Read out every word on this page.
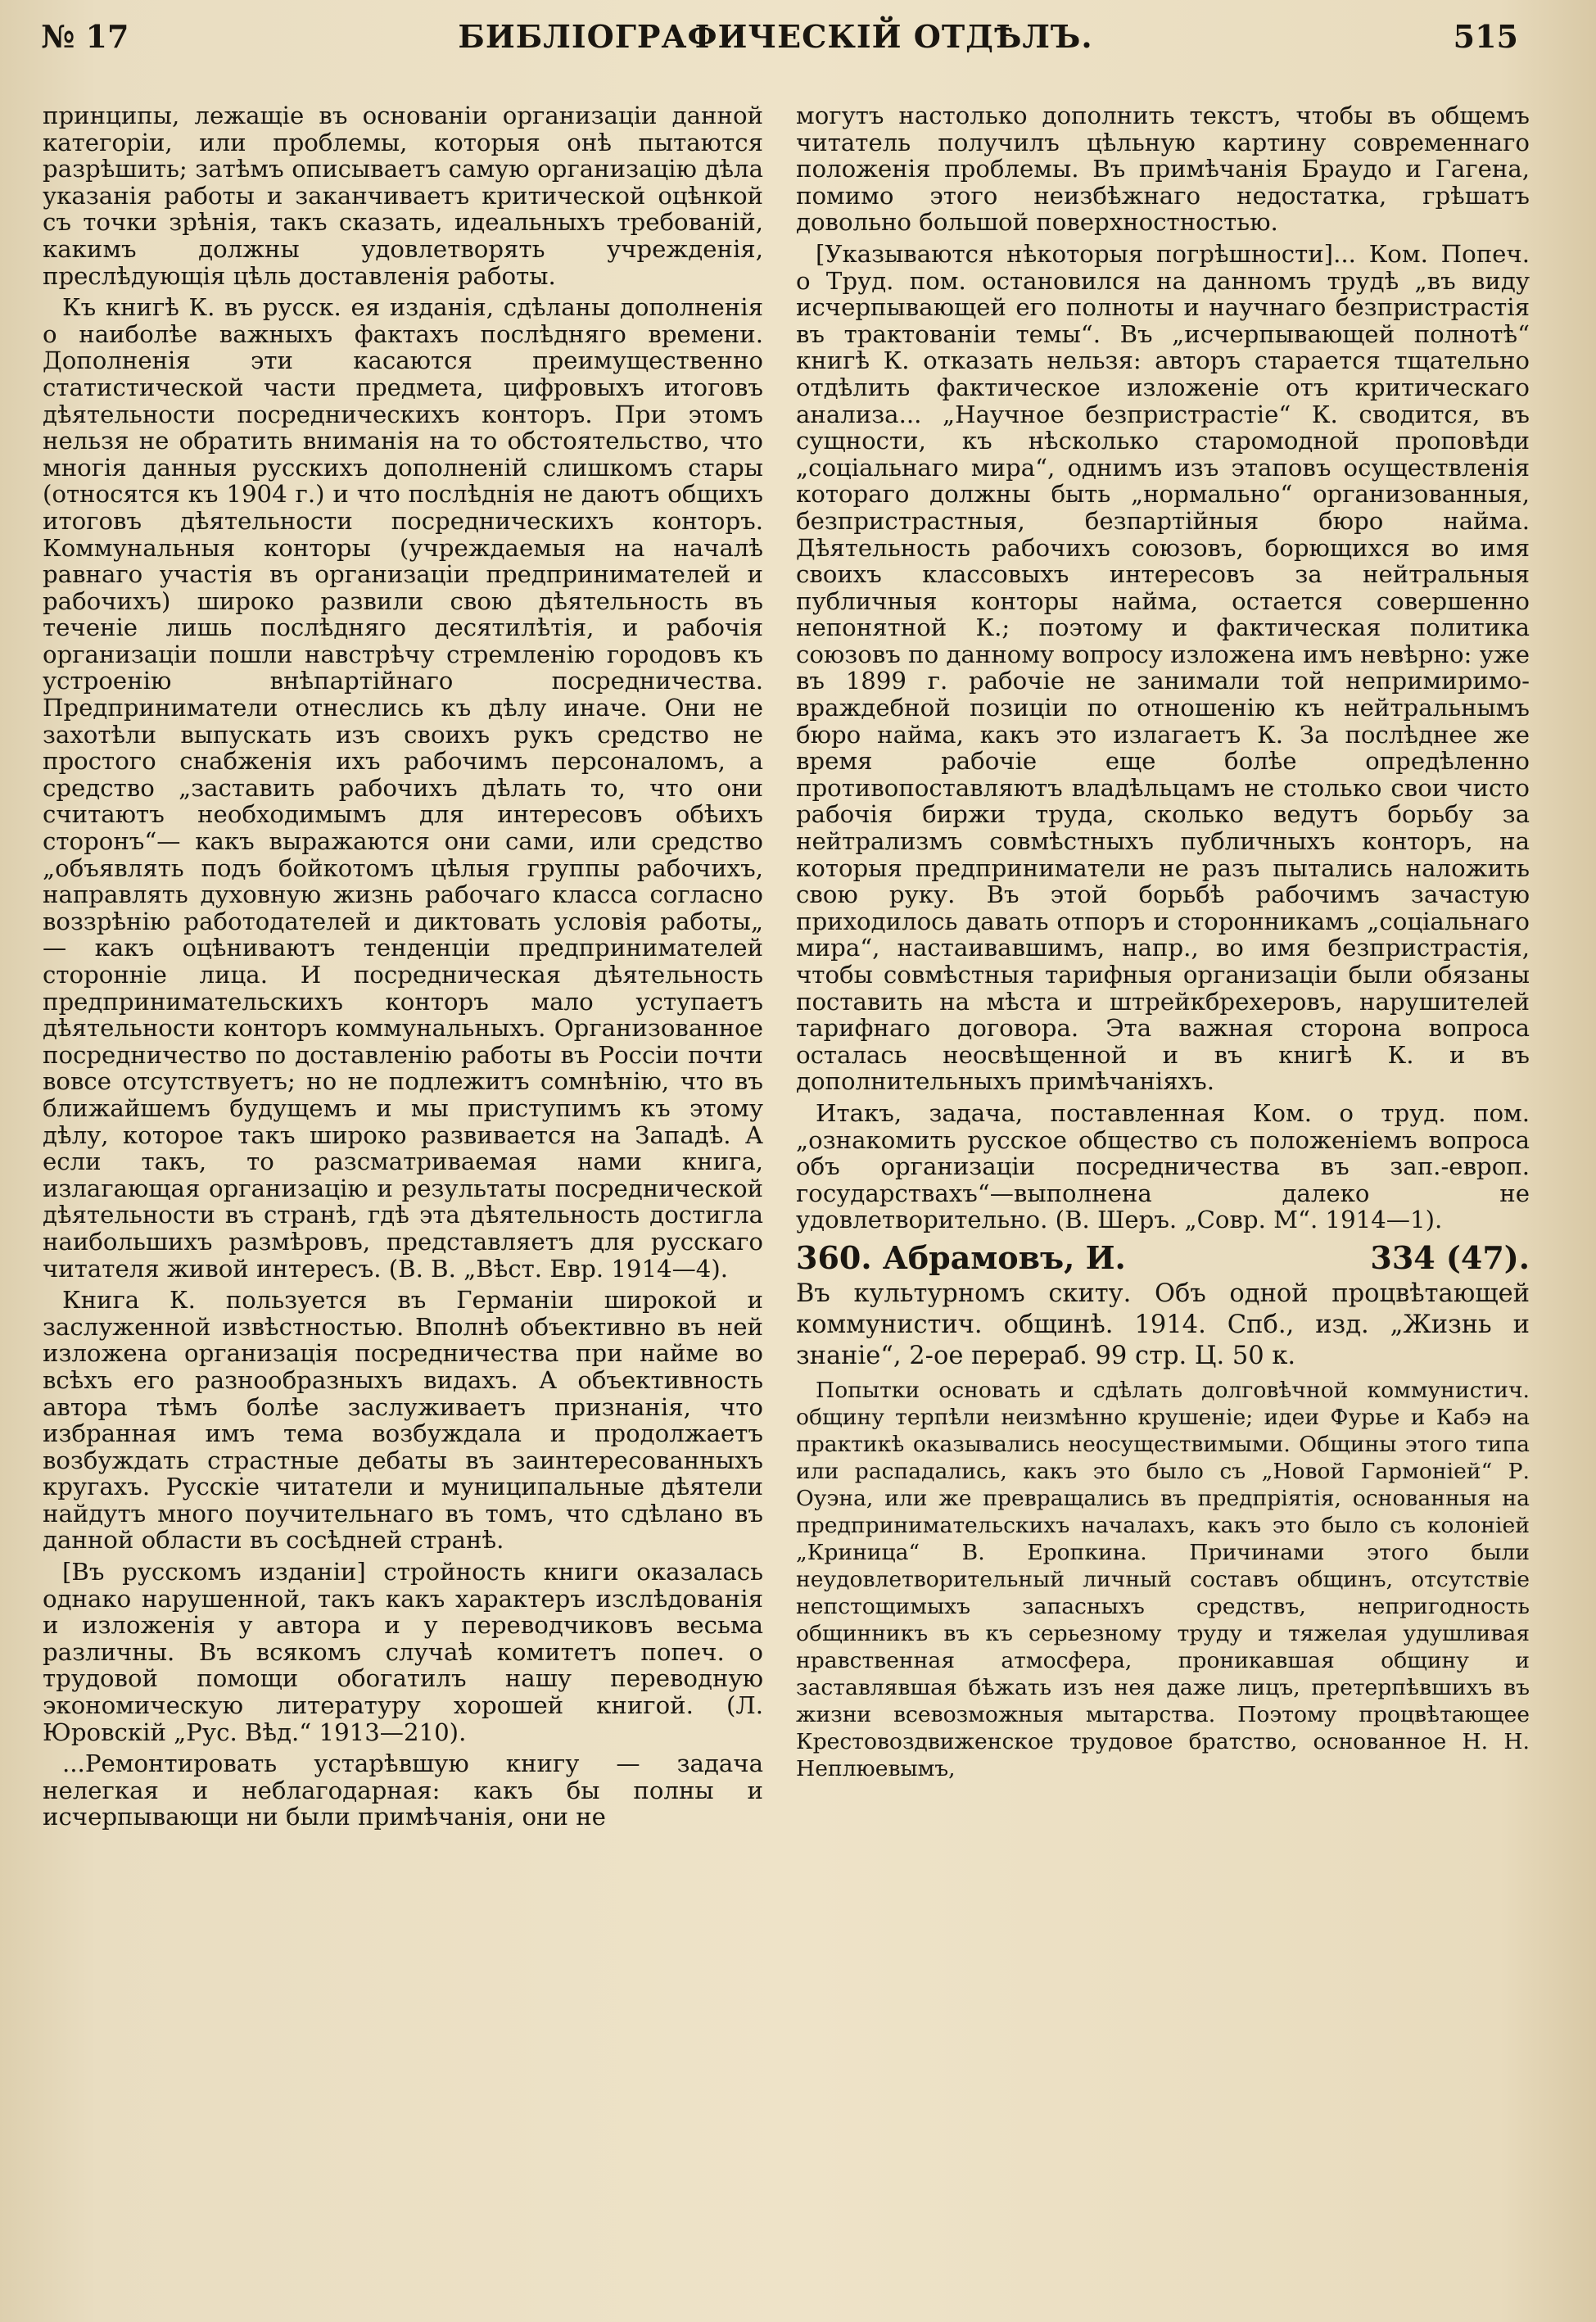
№ 17	БИБЛІОГРАФИЧЕСКІЙ ОТДѢЛЪ.	515

принципы, лежащіе въ основаніи организаціи данной категоріи, или проблемы, которыя онѣ пытаются разрѣшить; затѣмъ описываетъ самую организацію дѣла указанія работы и заканчиваетъ критической оцѣнкой съ точки зрѣнія, такъ сказать, идеальныхъ требованій, какимъ должны удовлетворять учрежденія, преслѣдующія цѣль доставленія работы.

Къ книгѣ К. въ русск. ея изданія, сдѣланы дополненія о наиболѣе важныхъ фактахъ послѣдняго времени. Дополненія эти касаются преимущественно статистической части предмета, цифровыхъ итоговъ дѣятельности посредническихъ конторъ. При этомъ нельзя не обратить вниманія на то обстоятельство, что многія данныя русскихъ дополненій слишкомъ стары (относятся къ 1904 г.) и что послѣднія не даютъ общихъ итоговъ дѣятельности посредническихъ конторъ. Коммунальныя конторы (учреждаемыя на началѣ равнаго участія въ организаціи предпринимателей и рабочихъ) широко развили свою дѣятельность въ теченіе лишь послѣдняго десятилѣтія, и рабочія организаціи пошли навстрѣчу стремленію городовъ къ устроенію внѣпартійнаго посредничества. Предприниматели отнеслись къ дѣлу иначе. Они не захотѣли выпускать изъ своихъ рукъ средство не простого снабженія ихъ рабочимъ персоналомъ, а средство „заставить рабочихъ дѣлать то, что они считаютъ необходимымъ для интересовъ обѣихъ сторонъ“— какъ выражаются они сами, или средство „объявлять подъ бойкотомъ цѣлыя группы рабочихъ, направлять духовную жизнь рабочаго класса согласно воззрѣнію работодателей и диктовать условія работы„ — какъ оцѣниваютъ тенденціи предпринимателей сторонніе лица. И посредническая дѣятельность предпринимательскихъ конторъ мало уступаетъ дѣятельности конторъ коммунальныхъ. Организованное посредничество по доставленію работы въ Россіи почти вовсе отсутствуетъ; но не подлежитъ сомнѣнію, что въ ближайшемъ будущемъ и мы приступимъ къ этому дѣлу, которое такъ широко развивается на Западѣ. А если такъ, то разсматриваемая нами книга, излагающая организацію и результаты посреднической дѣятельности въ странѣ, гдѣ эта дѣятельность достигла наибольшихъ размѣровъ, представляетъ для русскаго читателя живой интересъ. (В. В. „Вѣст. Евр. 1914—4).

Книга К. пользуется въ Германіи широкой и заслуженной извѣстностью. Вполнѣ объективно въ ней изложена организація посредничества при найме во всѣхъ его разнообразныхъ видахъ. А объективность автора тѣмъ болѣе заслуживаетъ признанія, что избранная имъ тема возбуждала и продолжаетъ возбуждать страстные дебаты въ заинтересованныхъ кругахъ. Русскіе читатели и муниципальные дѣятели найдутъ много поучительнаго въ томъ, что сдѣлано въ данной области въ сосѣдней странѣ.

[Въ русскомъ изданіи] стройность книги оказалась однако нарушенной, такъ какъ характеръ изслѣдованія и изложенія у автора и у переводчиковъ весьма различны. Въ всякомъ случаѣ комитетъ попеч. о трудовой помощи обогатилъ нашу переводную экономическую литературу хорошей книгой. (Л. Юровскій „Рус. Вѣд.“ 1913—210).

...Ремонтировать устарѣвшую книгу — задача нелегкая и неблагодарная: какъ бы полны и исчерпывающи ни были примѣчанія, они не

могутъ настолько дополнить текстъ, чтобы въ общемъ читатель получилъ цѣльную картину современнаго положенія проблемы. Въ примѣчанія Браудо и Гагена, помимо этого неизбѣжнаго недостатка, грѣшатъ довольно большой поверхностностью.

[Указываются нѣкоторыя погрѣшности]... Ком. Попеч. о Труд. пом. остановился на данномъ трудѣ „въ виду исчерпывающей его полноты и научнаго безпристрастія въ трактованіи темы“. Въ „исчерпывающей полнотѣ“ книгѣ К. отказать нельзя: авторъ старается тщательно отдѣлить фактическое изложеніе отъ критическаго анализа... „Научное безпристрастіе“ К. сводится, въ сущности, къ нѣсколько старомодной проповѣди „соціальнаго мира“, однимъ изъ этаповъ осуществленія котораго должны быть „нормально“ организованныя, безпристрастныя, безпартійныя бюро найма. Дѣятельность рабочихъ союзовъ, борющихся во имя своихъ классовыхъ интересовъ за нейтральныя публичныя конторы найма, остается совершенно непонятной К.; поэтому и фактическая политика союзовъ по данному вопросу изложена имъ невѣрно: уже въ 1899 г. рабочіе не занимали той непримиримо-враждебной позиціи по отношенію къ нейтральнымъ бюро найма, какъ это излагаетъ К. За послѣднее же время рабочіе еще болѣе опредѣленно противопоставляютъ владѣльцамъ не столько свои чисто рабочія биржи труда, сколько ведутъ борьбу за нейтрализмъ совмѣстныхъ публичныхъ конторъ, на которыя предприниматели не разъ пытались наложить свою руку. Въ этой борьбѣ рабочимъ зачастую приходилось давать отпоръ и сторонникамъ „соціальнаго мира“, настаивавшимъ, напр., во имя безпристрастія, чтобы совмѣстныя тарифныя организаціи были обязаны поставить на мѣста и штрейкбрехеровъ, нарушителей тарифнаго договора. Эта важная сторона вопроса осталась неосвѣщенной и въ книгѣ К. и въ дополнительныхъ примѣчаніяхъ.

Итакъ, задача, поставленная Ком. о труд. пом. „ознакомить русское общество съ положеніемъ вопроса объ организаціи посредничества въ зап.-европ. государствахъ“—выполнена далеко не удовлетворительно. (В. Шеръ. „Совр. М“. 1914—1).

360. Абрамовъ, И.	334 (47).

Въ культурномъ скиту. Объ одной процвѣтающей коммунистич. общинѣ. 1914. Спб., изд. „Жизнь и знаніе“, 2-ое перераб. 99 стр. Ц. 50 к.

Попытки основать и сдѣлать долговѣчной коммунистич. общину терпѣли неизмѣнно крушеніе; идеи Фурье и Кабэ на практикѣ оказывались неосуществимыми. Общины этого типа или распадались, какъ это было съ „Новой Гармоніей“ Р. Оуэна, или же превращались въ предпріятія, основанныя на предпринимательскихъ началахъ, какъ это было съ колоніей „Криница“ В. Еропкина. Причинами этого были неудовлетворительный личный составъ общинъ, отсутствіе непстощимыхъ запасныхъ средствъ, непригодность общинникъ въ къ серьезному труду и тяжелая удушливая нравственная атмосфера, проникавшая общину и заставлявшая бѣжать изъ нея даже лицъ, претерпѣвшихъ въ жизни всевозможныя мытарства. Поэтому процвѣтающее Крестовоздвиженское трудовое братство, основанное Н. Н. Неплюевымъ,
